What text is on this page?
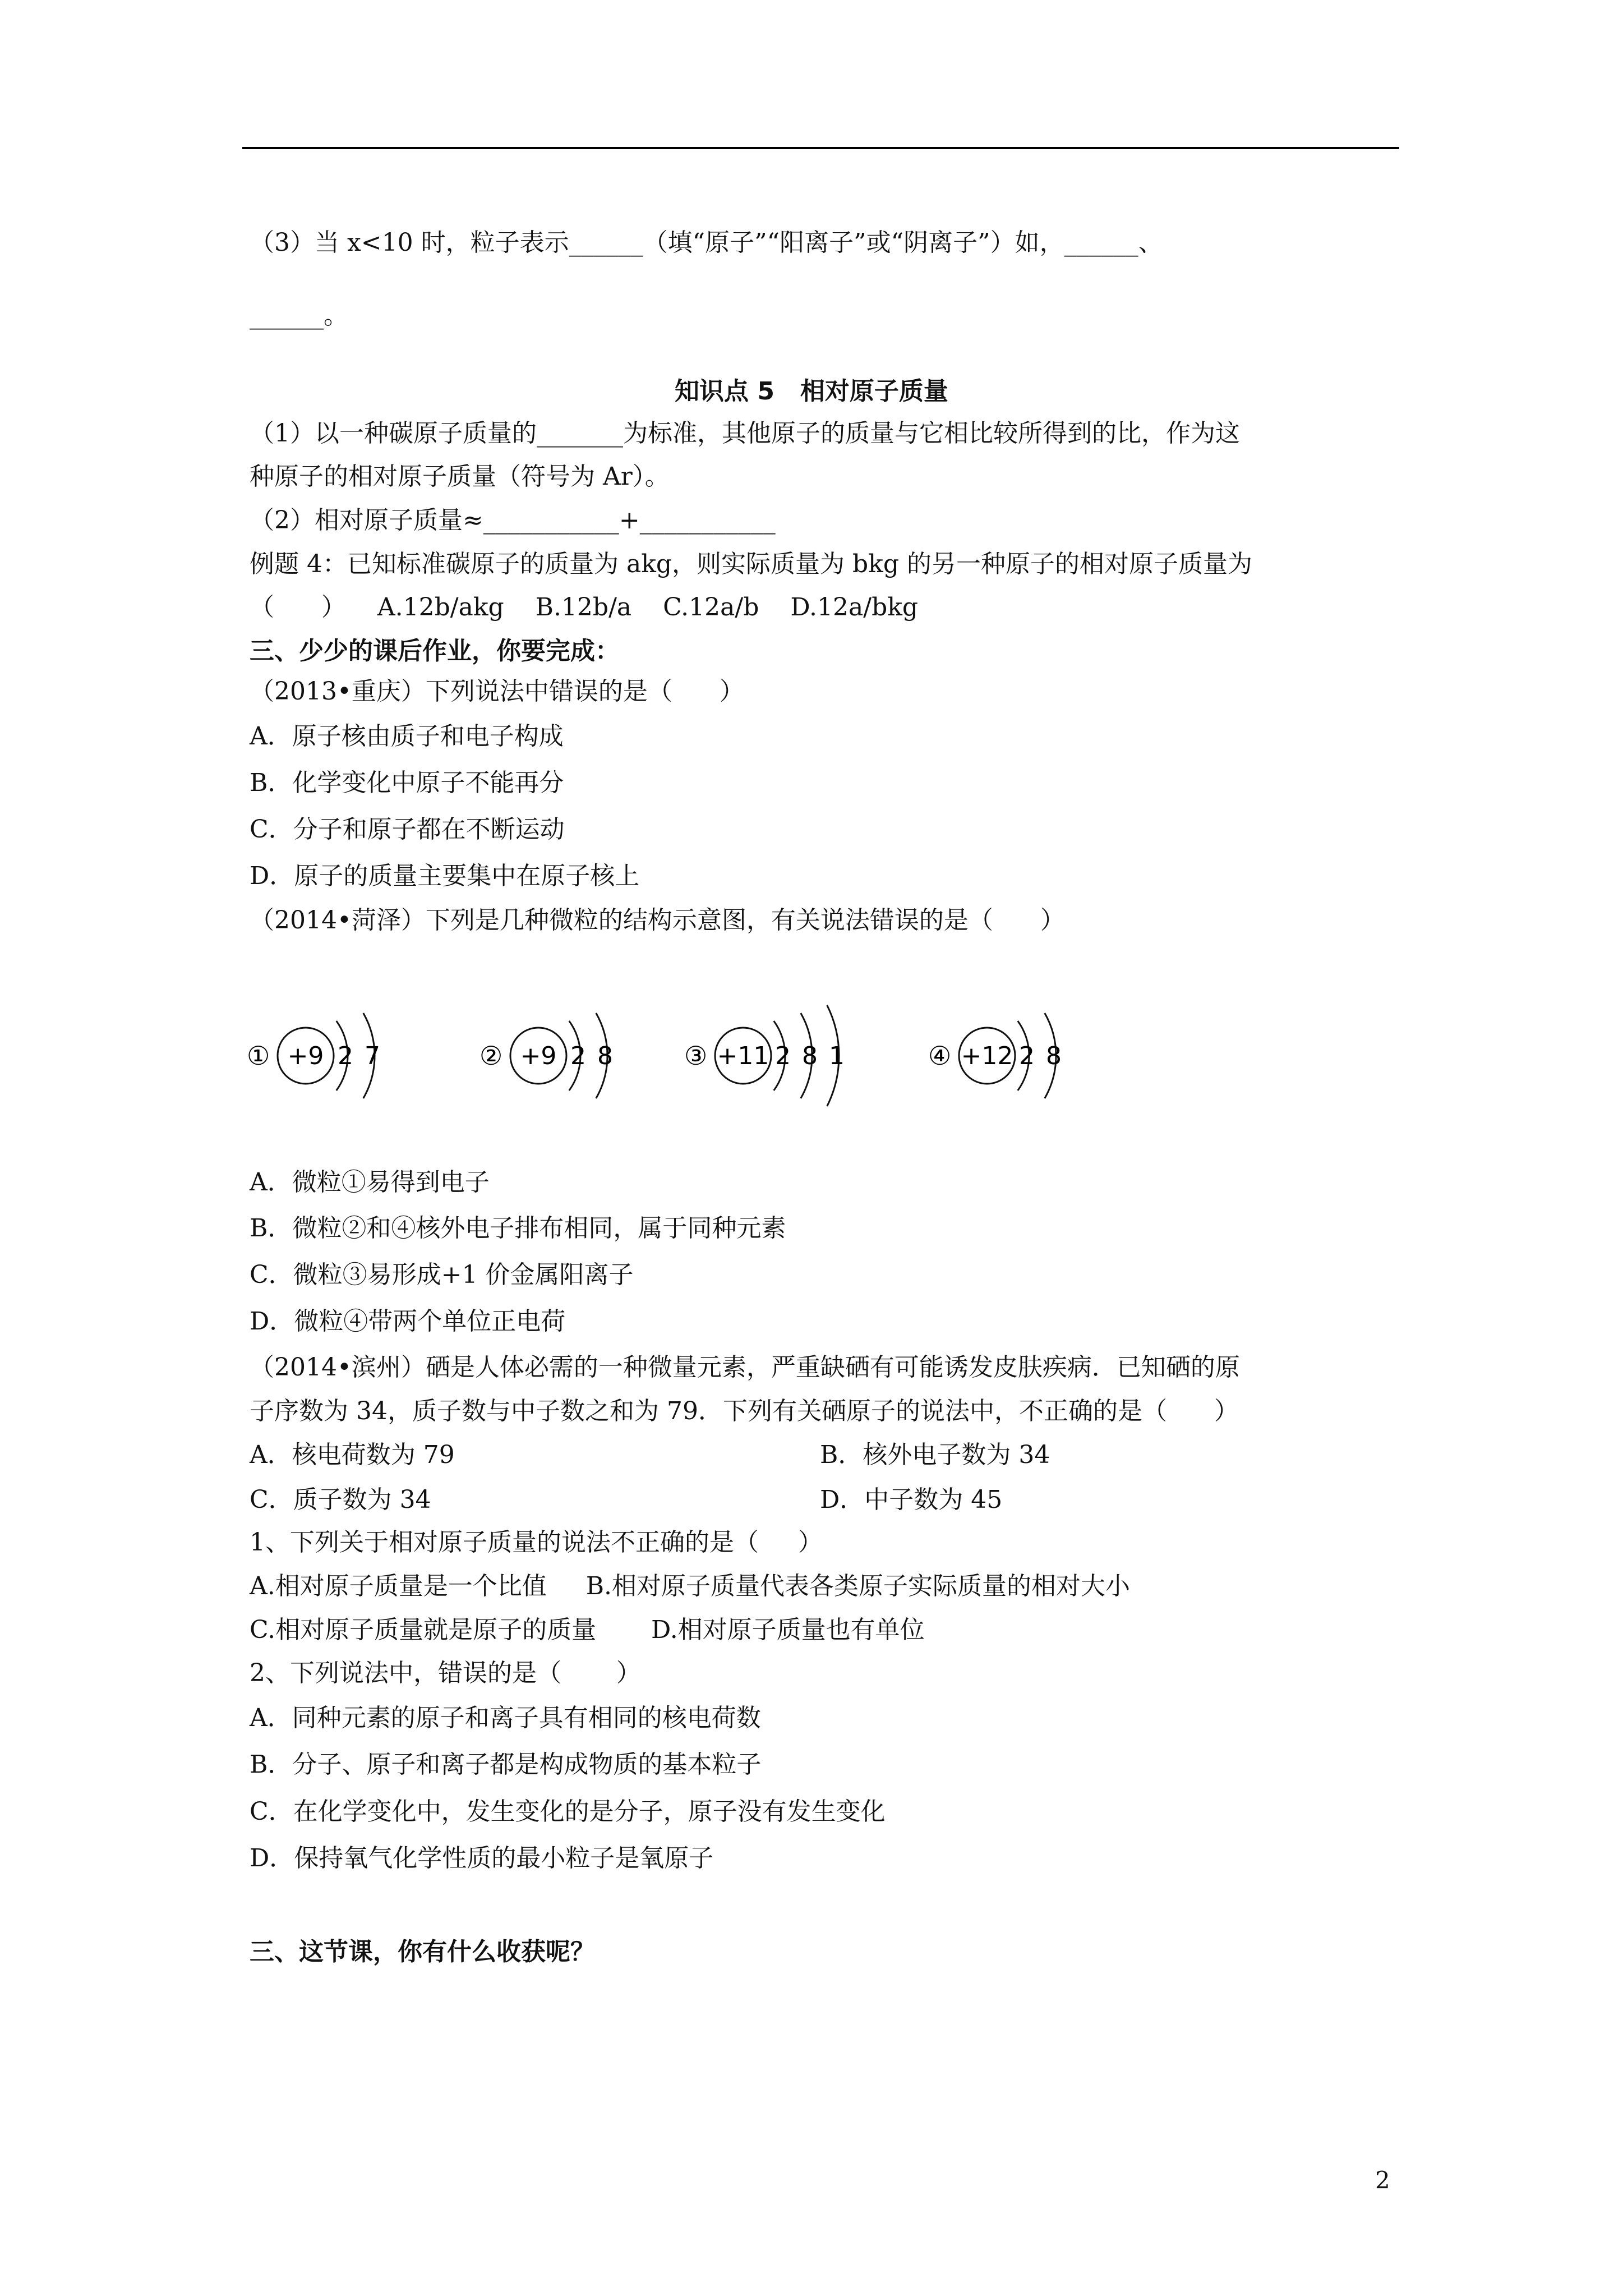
（3）当 x<10 时，粒子表示______（填“原子”“阳离子”或“阴离子”）如，______、
______。
知识点 5   相对原子质量
（1）以一种碳原子质量的_______为标准，其他原子的质量与它相比较所得到的比，作为这
种原子的相对原子质量（符号为 Ar）。
（2）相对原子质量≈___________+___________
例题 4：已知标准碳原子的质量为 akg，则实际质量为 bkg 的另一种原子的相对原子质量为
（      ）    A.12b/akg    B.12b/a    C.12a/b    D.12a/bkg
三、少少的课后作业，你要完成：
（2013•重庆）下列说法中错误的是（      ）
A．原子核由质子和电子构成
B．化学变化中原子不能再分
C．分子和原子都在不断运动
D．原子的质量主要集中在原子核上
（2014•菏泽）下列是几种微粒的结构示意图，有关说法错误的是（      ）
① +9 2 7	② +9 2 8	③ +11 2 8 1	④ +12 2 8
A．微粒①易得到电子
B．微粒②和④核外电子排布相同，属于同种元素
C．微粒③易形成+1 价金属阳离子
D．微粒④带两个单位正电荷
（2014•滨州）硒是人体必需的一种微量元素，严重缺硒有可能诱发皮肤疾病．已知硒的原
子序数为 34，质子数与中子数之和为 79．下列有关硒原子的说法中，不正确的是（      ）
A．核电荷数为 79	B．核外电子数为 34
C．质子数为 34	D．中子数为 45
1、下列关于相对原子质量的说法不正确的是（     ）
A.相对原子质量是一个比值     B.相对原子质量代表各类原子实际质量的相对大小
C.相对原子质量就是原子的质量       D.相对原子质量也有单位
2、下列说法中，错误的是（       ）
A．同种元素的原子和离子具有相同的核电荷数
B．分子、原子和离子都是构成物质的基本粒子
C．在化学变化中，发生变化的是分子，原子没有发生变化
D．保持氧气化学性质的最小粒子是氧原子
三、这节课，你有什么收获呢？
2
